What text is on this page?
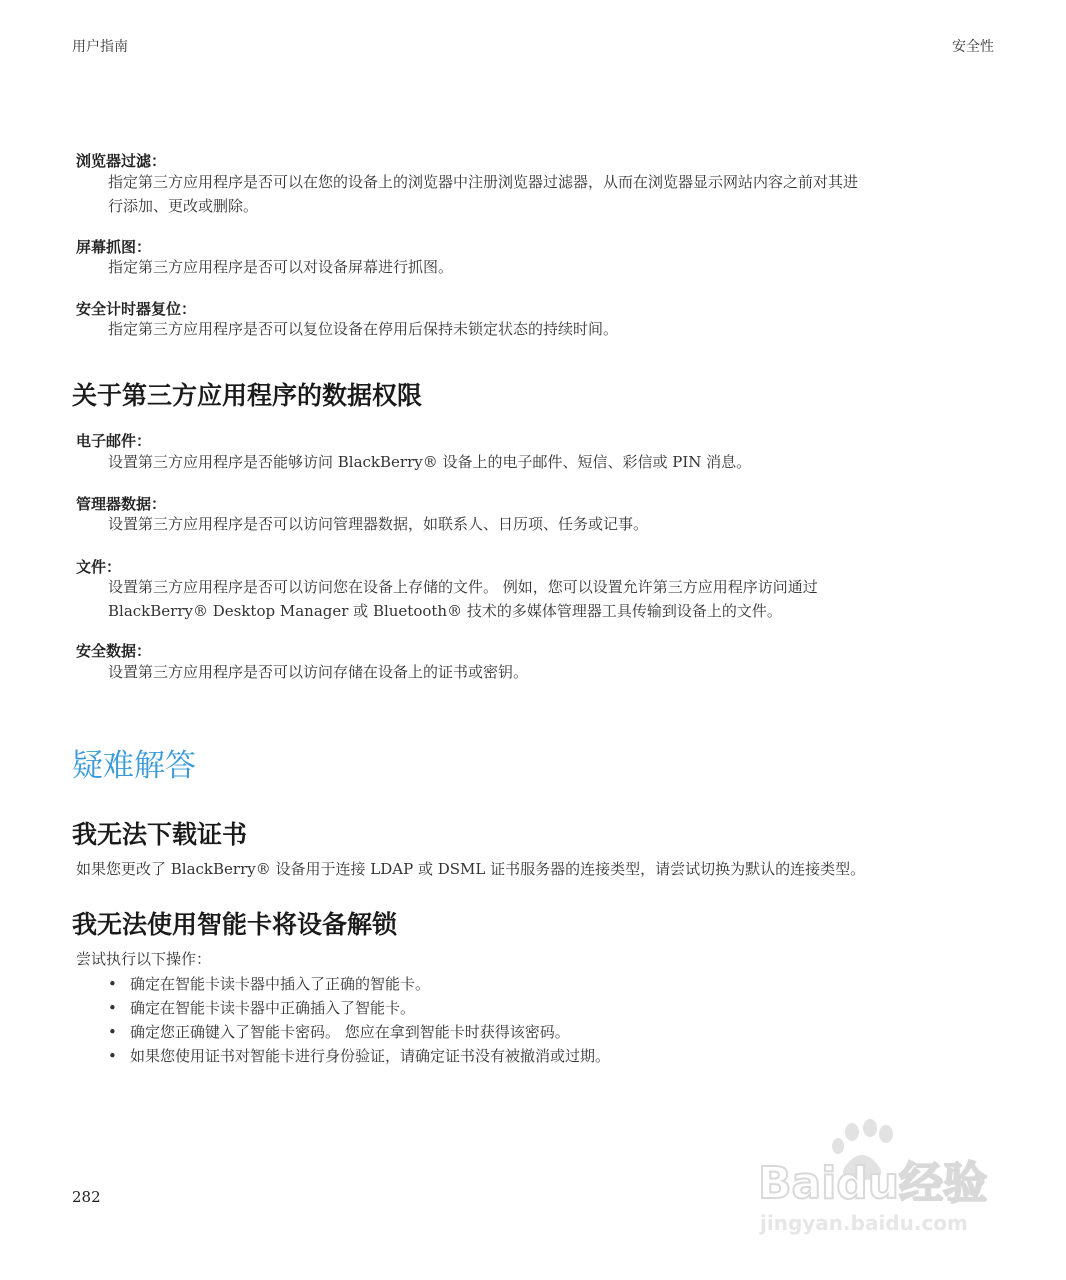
用户指南	安全性
浏览器过滤：
指定第三方应用程序是否可以在您的设备上的浏览器中注册浏览器过滤器，从而在浏览器显示网站内容之前对其进
行添加、更改或删除。
屏幕抓图：
指定第三方应用程序是否可以对设备屏幕进行抓图。
安全计时器复位：
指定第三方应用程序是否可以复位设备在停用后保持未锁定状态的持续时间。
关于第三方应用程序的数据权限
电子邮件：
设置第三方应用程序是否能够访问 BlackBerry® 设备上的电子邮件、短信、彩信或 PIN 消息。
管理器数据：
设置第三方应用程序是否可以访问管理器数据，如联系人、日历项、任务或记事。
文件：
设置第三方应用程序是否可以访问您在设备上存储的文件。 例如，您可以设置允许第三方应用程序访问通过
BlackBerry® Desktop Manager 或 Bluetooth® 技术的多媒体管理器工具传输到设备上的文件。
安全数据：
设置第三方应用程序是否可以访问存储在设备上的证书或密钥。
疑难解答
我无法下载证书
如果您更改了 BlackBerry® 设备用于连接 LDAP 或 DSML 证书服务器的连接类型，请尝试切换为默认的连接类型。
我无法使用智能卡将设备解锁
尝试执行以下操作：
• 确定在智能卡读卡器中插入了正确的智能卡。
• 确定在智能卡读卡器中正确插入了智能卡。
• 确定您正确键入了智能卡密码。 您应在拿到智能卡时获得该密码。
• 如果您使用证书对智能卡进行身份验证，请确定证书没有被撤消或过期。
282	Baidu经验
jingyan.baidu.com
